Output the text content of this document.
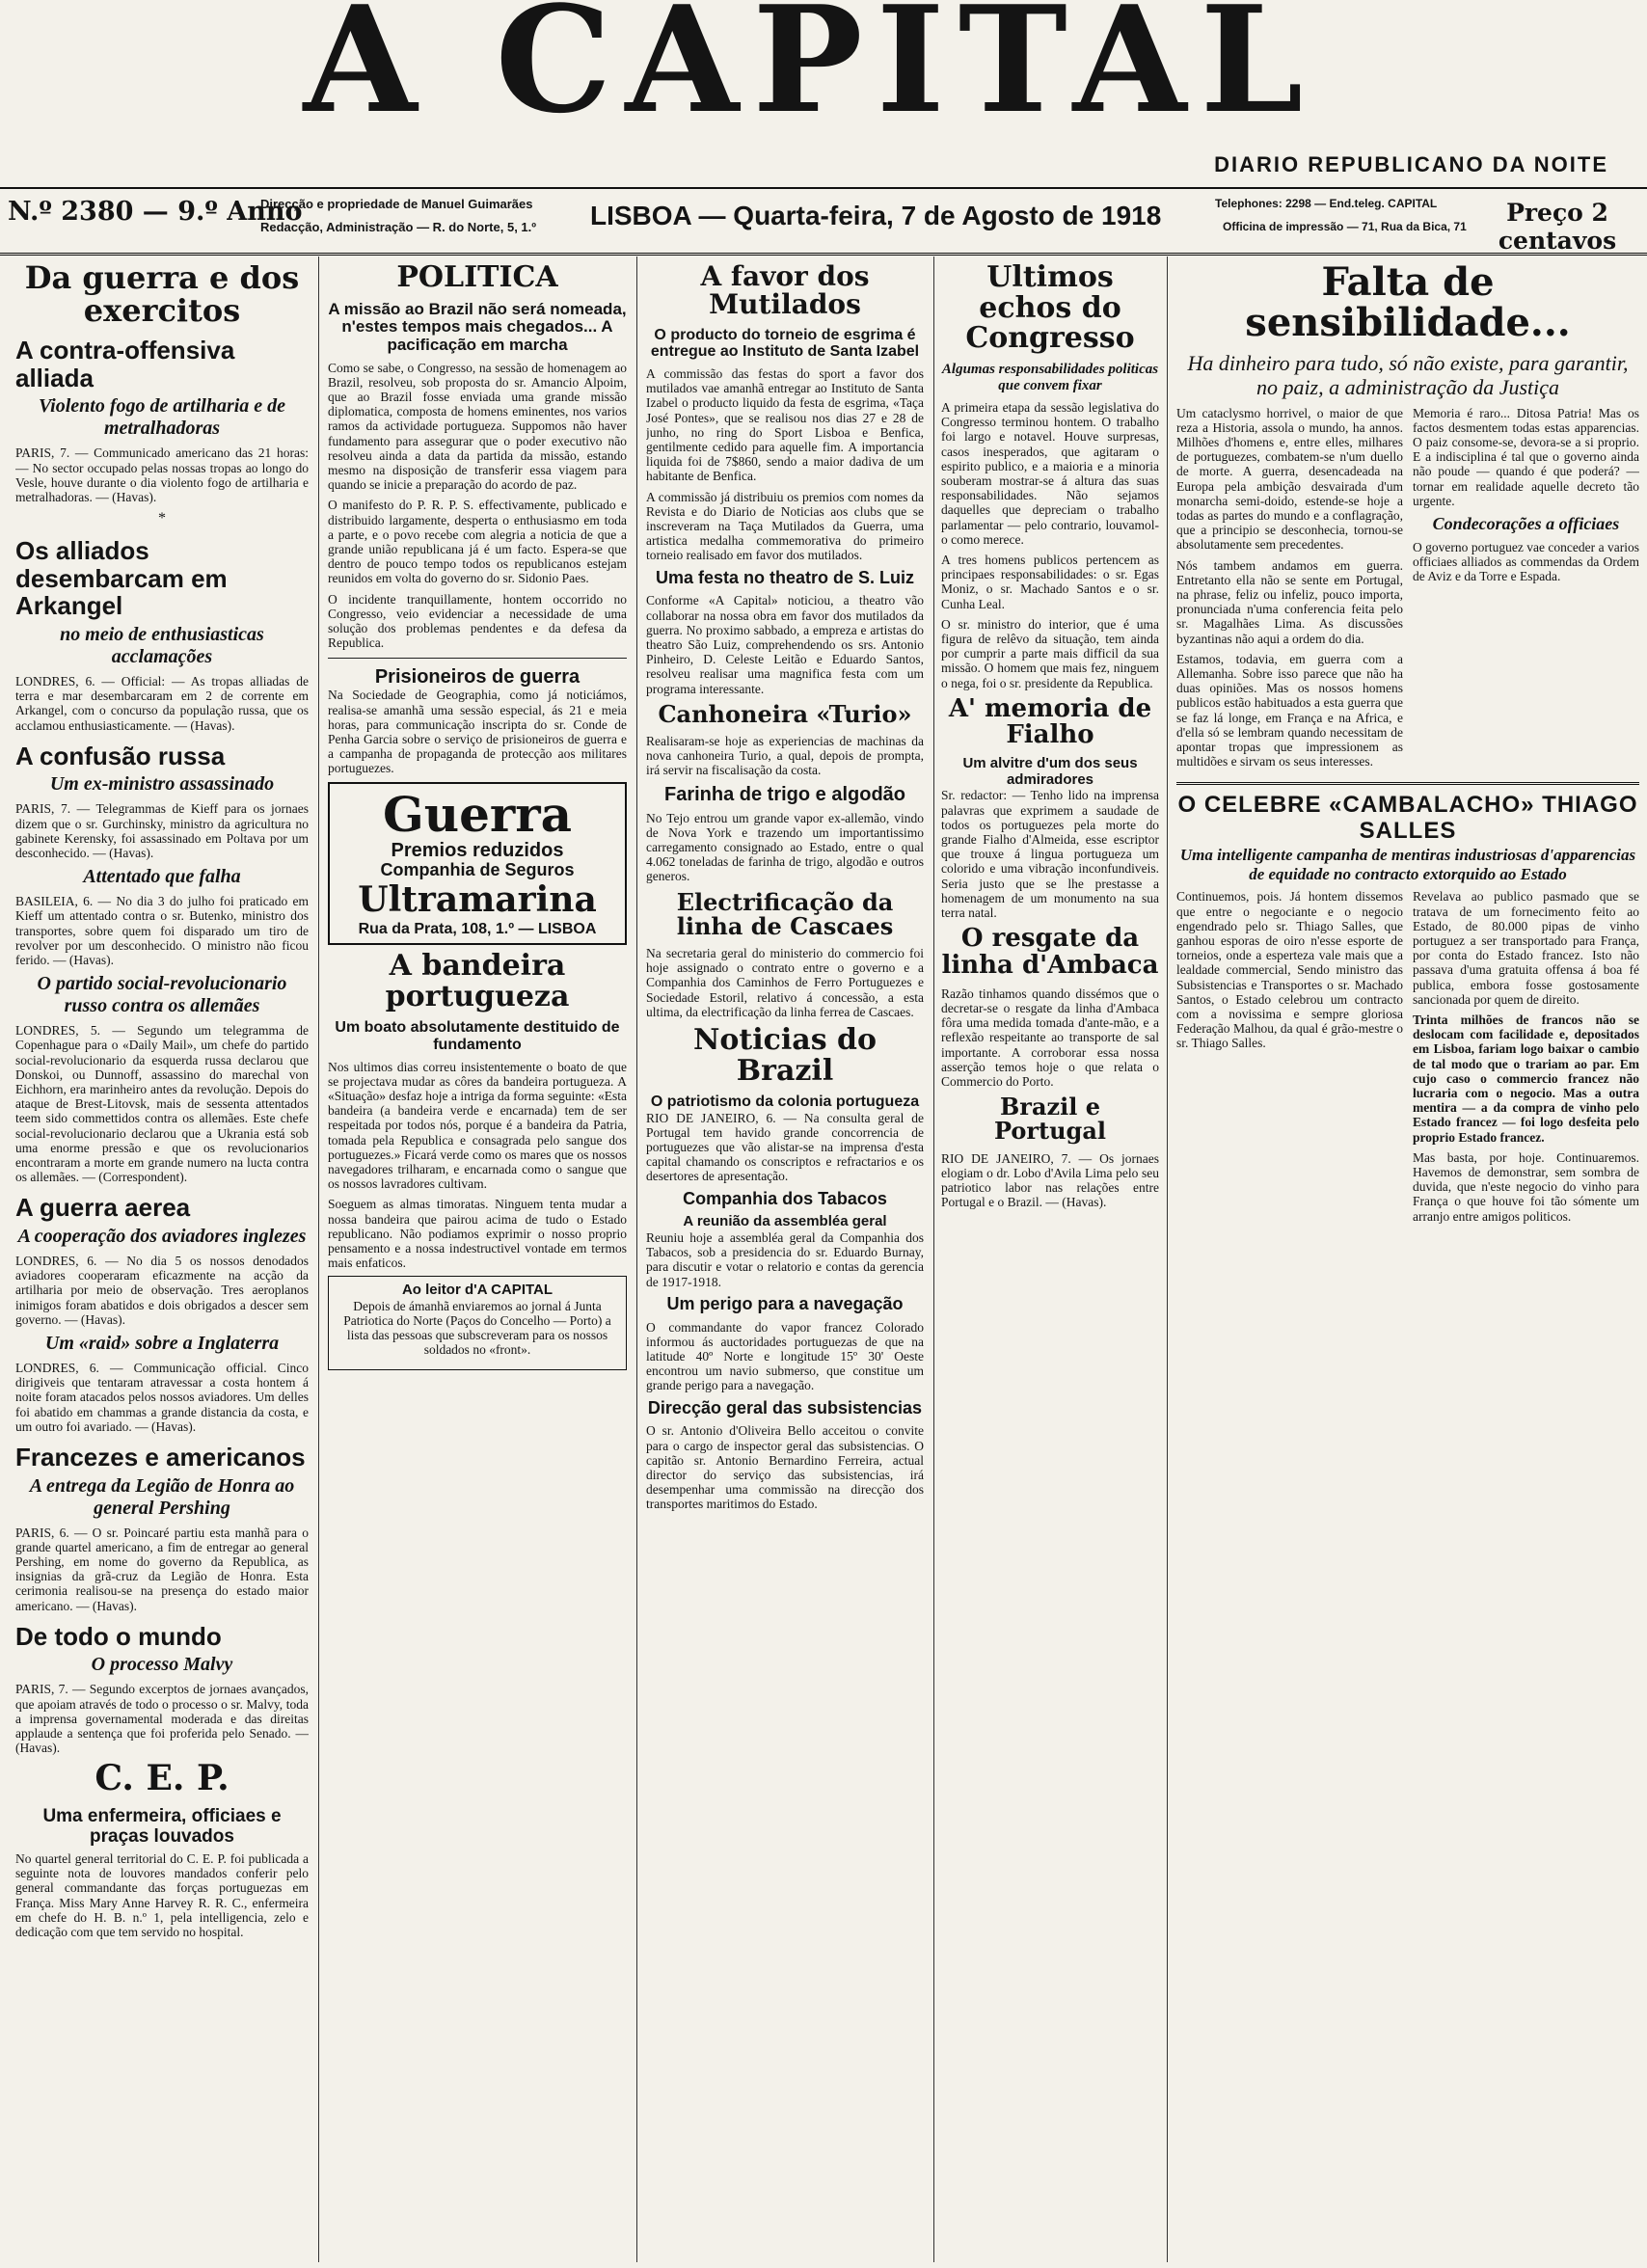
A CAPITAL
DIARIO REPUBLICANO DA NOITE
N.º 2380 — 9.º Anno
Direcção e propriedade de Manuel Guimarães
Redacção, Administração — R. do Norte, 5, 1.º LISBOA — Quarta-feira, 7 de Agosto de 1918	Telephones: 2298 — End.teleg. CAPITAL
Officina de impressão — 71, Rua da Bica, 71	Preço 2 centavos
Da guerra e dos exercitos
A contra-offensiva alliada
Violento fogo de artilharia e de metralhadoras

PARIS, 7. — Communicado americano das 21 horas: — No sector occupado pelas nossas tropas ao longo do Vesle, houve durante o dia violento fogo de artilharia e metralhadoras. — (Havas).

*
Os alliados desembarcam em Arkangel
no meio de enthusiasticas acclamações

LONDRES, 6. — Official: — As tropas alliadas de terra e mar desembarcaram em 2 de corrente em Arkangel, com o concurso da população russa, que os acclamou enthusiasticamente. — (Havas).

A confusão russa
Um ex-ministro assassinado

PARIS, 7. — Telegrammas de Kieff para os jornaes dizem que o sr. Gurchinsky, ministro da agricultura no gabinete Kerensky, foi assassinado em Poltava por um desconhecido. — (Havas).

Attentado que falha

BASILEIA, 6. — No dia 3 do julho foi praticado em Kieff um attentado contra o sr. Butenko, ministro dos transportes, sobre quem foi disparado um tiro de revolver por um desconhecido. O ministro não ficou ferido. — (Havas).

O partido social-revolucionario russo contra os allemães

LONDRES, 5. — Segundo um telegramma de Copenhague para o «Daily Mail», um chefe do partido social-revolucionario da esquerda russa declarou que Donskoi, ou Dunnoff, assassino do marechal von Eichhorn, era marinheiro antes da revolução. Depois do ataque de Brest-Litovsk, mais de sessenta attentados teem sido commettidos contra os allemães. Este chefe social-revolucionario declarou que a Ukrania está sob uma enorme pressão e que os revolucionarios encontraram a morte em grande numero na lucta contra os allemães. — (Correspondent).

A guerra aerea
A cooperação dos aviadores inglezes

LONDRES, 6. — No dia 5 os nossos denodados aviadores cooperaram eficazmente na acção da artilharia por meio de observação. Tres aeroplanos inimigos foram abatidos e dois obrigados a descer sem governo. — (Havas).

Um «raid» sobre a Inglaterra

LONDRES, 6. — Communicação official. Cinco dirigiveis que tentaram atravessar a costa hontem á noite foram atacados pelos nossos aviadores. Um delles foi abatido em chammas a grande distancia da costa, e um outro foi avariado. — (Havas).

Francezes e americanos
A entrega da Legião de Honra ao general Pershing

PARIS, 6. — O sr. Poincaré partiu esta manhã para o grande quartel americano, a fim de entregar ao general Pershing, em nome do governo da Republica, as insignias da grã-cruz da Legião de Honra. Esta cerimonia realisou-se na presença do estado maior americano. — (Havas).

De todo o mundo
O processo Malvy

PARIS, 7. — Segundo excerptos de jornaes avançados, que apoiam através de todo o processo o sr. Malvy, toda a imprensa governamental moderada e das direitas applaude a sentença que foi proferida pelo Senado. — (Havas).

C. E. P.
Uma enfermeira, officiaes e praças louvados

No quartel general territorial do C. E. P. foi publicada a seguinte nota de louvores mandados conferir pelo general commandante das forças portuguezas em França. Miss Mary Anne Harvey R. R. C., enfermeira em chefe do H. B. n.º 1, pela intelligencia, zelo e dedicação com que tem servido no hospital.

POLITICA
A missão ao Brazil não será nomeada, n'estes tempos mais chegados... A pacificação em marcha

Como se sabe, o Congresso, na sessão de homenagem ao Brazil, resolveu, sob proposta do sr. Amancio Alpoim, que ao Brazil fosse enviada uma grande missão diplomatica, composta de homens eminentes, nos varios ramos da actividade portugueza. Suppomos não haver fundamento para assegurar que o poder executivo não resolveu ainda a data da partida da missão, estando mesmo na disposição de transferir essa viagem para quando se inicie a preparação do acordo de paz.

O manifesto do P. R. P. S. effectivamente, publicado e distribuido largamente, desperta o enthusiasmo em toda a parte, e o povo recebe com alegria a noticia de que a grande união republicana já é um facto. Espera-se que dentro de pouco tempo todos os republicanos estejam reunidos em volta do governo do sr. Sidonio Paes.

O incidente tranquillamente, hontem occorrido no Congresso, veio evidenciar a necessidade de uma solução dos problemas pendentes e da defesa da Republica.

Prisioneiros de guerra

Na Sociedade de Geographia, como já noticiámos, realisa-se amanhã uma sessão especial, ás 21 e meia horas, para communicação inscripta do sr. Conde de Penha Garcia sobre o serviço de prisioneiros de guerra e a campanha de propaganda de protecção aos militares portuguezes.

Guerra
Premios reduzidos
Companhia de Seguros
Ultramarina
Rua da Prata, 108, 1.º — LISBOA
A bandeira portugueza
Um boato absolutamente destituido de fundamento

Nos ultimos dias correu insistentemente o boato de que se projectava mudar as côres da bandeira portugueza. A «Situação» desfaz hoje a intriga da forma seguinte: «Esta bandeira (a bandeira verde e encarnada) tem de ser respeitada por todos nós, porque é a bandeira da Patria, tomada pela Republica e consagrada pelo sangue dos portuguezes.» Ficará verde como os mares que os nossos navegadores trilharam, e encarnada como o sangue que os nossos lavradores cultivam.

Soeguem as almas timoratas. Ninguem tenta mudar a nossa bandeira que pairou acima de tudo o Estado republicano. Não podiamos exprimir o nosso proprio pensamento e a nossa indestructivel vontade em termos mais enfaticos.

Ao leitor d'A CAPITAL

Depois de ámanhã enviaremos ao jornal á Junta Patriotica do Norte (Paços do Concelho — Porto) a lista das pessoas que subscreveram para os nossos soldados no «front».

A favor dos Mutilados
O producto do torneio de esgrima é entregue ao Instituto de Santa Izabel

A commissão das festas do sport a favor dos mutilados vae amanhã entregar ao Instituto de Santa Izabel o producto liquido da festa de esgrima, «Taça José Pontes», que se realisou nos dias 27 e 28 de junho, no ring do Sport Lisboa e Benfica, gentilmente cedido para aquelle fim. A importancia liquida foi de 7$860, sendo a maior dadiva de um habitante de Benfica.

A commissão já distribuiu os premios com nomes da Revista e do Diario de Noticias aos clubs que se inscreveram na Taça Mutilados da Guerra, uma artistica medalha commemorativa do primeiro torneio realisado em favor dos mutilados.

Uma festa no theatro de S. Luiz

Conforme «A Capital» noticiou, a theatro vão collaborar na nossa obra em favor dos mutilados da guerra. No proximo sabbado, a empreza e artistas do theatro São Luiz, comprehendendo os srs. Antonio Pinheiro, D. Celeste Leitão e Eduardo Santos, resolveu realisar uma magnifica festa com um programa interessante.

Canhoneira «Turio»

Realisaram-se hoje as experiencias de machinas da nova canhoneira Turio, a qual, depois de prompta, irá servir na fiscalisação da costa.

Farinha de trigo e algodão

No Tejo entrou um grande vapor ex-allemão, vindo de Nova York e trazendo um importantissimo carregamento consignado ao Estado, entre o qual 4.062 toneladas de farinha de trigo, algodão e outros generos.

Electrificação da linha de Cascaes

Na secretaria geral do ministerio do commercio foi hoje assignado o contrato entre o governo e a Companhia dos Caminhos de Ferro Portuguezes e Sociedade Estoril, relativo á concessão, a esta ultima, da electrificação da linha ferrea de Cascaes.

Noticias do Brazil
O patriotismo da colonia portugueza

RIO DE JANEIRO, 6. — Na consulta geral de Portugal tem havido grande concorrencia de portuguezes que vão alistar-se na imprensa d'esta capital chamando os conscriptos e refractarios e os desertores de apresentação.

Companhia dos Tabacos
A reunião da assembléa geral

Reuniu hoje a assembléa geral da Companhia dos Tabacos, sob a presidencia do sr. Eduardo Burnay, para discutir e votar o relatorio e contas da gerencia de 1917-1918.

Um perigo para a navegação

O commandante do vapor francez Colorado informou ás auctoridades portuguezas de que na latitude 40º Norte e longitude 15º 30' Oeste encontrou um navio submerso, que constitue um grande perigo para a navegação.

Direcção geral das subsistencias

O sr. Antonio d'Oliveira Bello acceitou o convite para o cargo de inspector geral das subsistencias. O capitão sr. Antonio Bernardino Ferreira, actual director do serviço das subsistencias, irá desempenhar uma commissão na direcção dos transportes maritimos do Estado.

Ultimos echos do Congresso
Algumas responsabilidades politicas que convem fixar

A primeira etapa da sessão legislativa do Congresso terminou hontem. O trabalho foi largo e notavel. Houve surpresas, casos inesperados, que agitaram o espirito publico, e a maioria e a minoria souberam mostrar-se á altura das suas responsabilidades. Não sejamos daquelles que depreciam o trabalho parlamentar — pelo contrario, louvamol-o como merece.

A tres homens publicos pertencem as principaes responsabilidades: o sr. Egas Moniz, o sr. Machado Santos e o sr. Cunha Leal.

O sr. ministro do interior, que é uma figura de relêvo da situação, tem ainda por cumprir a parte mais difficil da sua missão. O homem que mais fez, ninguem o nega, foi o sr. presidente da Republica.

A' memoria de Fialho
Um alvitre d'um dos seus admiradores

Sr. redactor: — Tenho lido na imprensa palavras que exprimem a saudade de todos os portuguezes pela morte do grande Fialho d'Almeida, esse escriptor que trouxe á lingua portugueza um colorido e uma vibração inconfundiveis. Seria justo que se lhe prestasse a homenagem de um monumento na sua terra natal.

O resgate da linha d'Ambaca

Razão tinhamos quando dissémos que o decretar-se o resgate da linha d'Ambaca fôra uma medida tomada d'ante-mão, e a reflexão respeitante ao transporte de sal importante. A corroborar essa nossa asserção temos hoje o que relata o Commercio do Porto.

Brazil e Portugal

RIO DE JANEIRO, 7. — Os jornaes elogiam o dr. Lobo d'Avila Lima pelo seu patriotico labor nas relações entre Portugal e o Brazil. — (Havas).

Falta de sensibilidade...
Ha dinheiro para tudo, só não existe, para garantir, no paiz, a administração da Justiça

Um cataclysmo horrivel, o maior de que reza a Historia, assola o mundo, ha annos. Milhões d'homens e, entre elles, milhares de portuguezes, combatem-se n'um duello de morte. A guerra, desencadeada na Europa pela ambição desvairada d'um monarcha semi-doido, estende-se hoje a todas as partes do mundo e a conflagração, que a principio se desconhecia, tornou-se absolutamente sem precedentes.

Nós tambem andamos em guerra. Entretanto ella não se sente em Portugal, na phrase, feliz ou infeliz, pouco importa, pronunciada n'uma conferencia feita pelo sr. Magalhães Lima. As discussões byzantinas não aqui a ordem do dia.

Estamos, todavia, em guerra com a Allemanha. Sobre isso parece que não ha duas opiniões. Mas os nossos homens publicos estão habituados a esta guerra que se faz lá longe, em França e na Africa, e d'ella só se lembram quando necessitam de apontar tropas que impressionem as multidões e sirvam os seus interesses.

Memoria é raro... Ditosa Patria! Mas os factos desmentem todas estas apparencias. O paiz consome-se, devora-se a si proprio. E a indisciplina é tal que o governo ainda não poude — quando é que poderá? — tornar em realidade aquelle decreto tão urgente.

Condecorações a officiaes

O governo portuguez vae conceder a varios officiaes alliados as commendas da Ordem de Aviz e da Torre e Espada.

O CELEBRE «CAMBALACHO» THIAGO SALLES
Uma intelligente campanha de mentiras industriosas d'apparencias de equidade no contracto extorquido ao Estado

Continuemos, pois. Já hontem dissemos que entre o negociante e o negocio engendrado pelo sr. Thiago Salles, que ganhou esporas de oiro n'esse esporte de torneios, onde a esperteza vale mais que a lealdade commercial, Sendo ministro das Subsistencias e Transportes o sr. Machado Santos, o Estado celebrou um contracto com a novissima e sempre gloriosa Federação Malhou, da qual é grão-mestre o sr. Thiago Salles.

Revelava ao publico pasmado que se tratava de um fornecimento feito ao Estado, de 80.000 pipas de vinho portuguez a ser transportado para França, por conta do Estado francez. Isto não passava d'uma gratuita offensa á boa fé publica, embora fosse gostosamente sancionada por quem de direito.

Trinta milhões de francos não se deslocam com facilidade e, depositados em Lisboa, fariam logo baixar o cambio de tal modo que o trariam ao par. Em cujo caso o commercio francez não lucraria com o negocio. Mas a outra mentira — a da compra de vinho pelo Estado francez — foi logo desfeita pelo proprio Estado francez.

Mas basta, por hoje. Continuaremos. Havemos de demonstrar, sem sombra de duvida, que n'este negocio do vinho para França o que houve foi tão sómente um arranjo entre amigos politicos.
